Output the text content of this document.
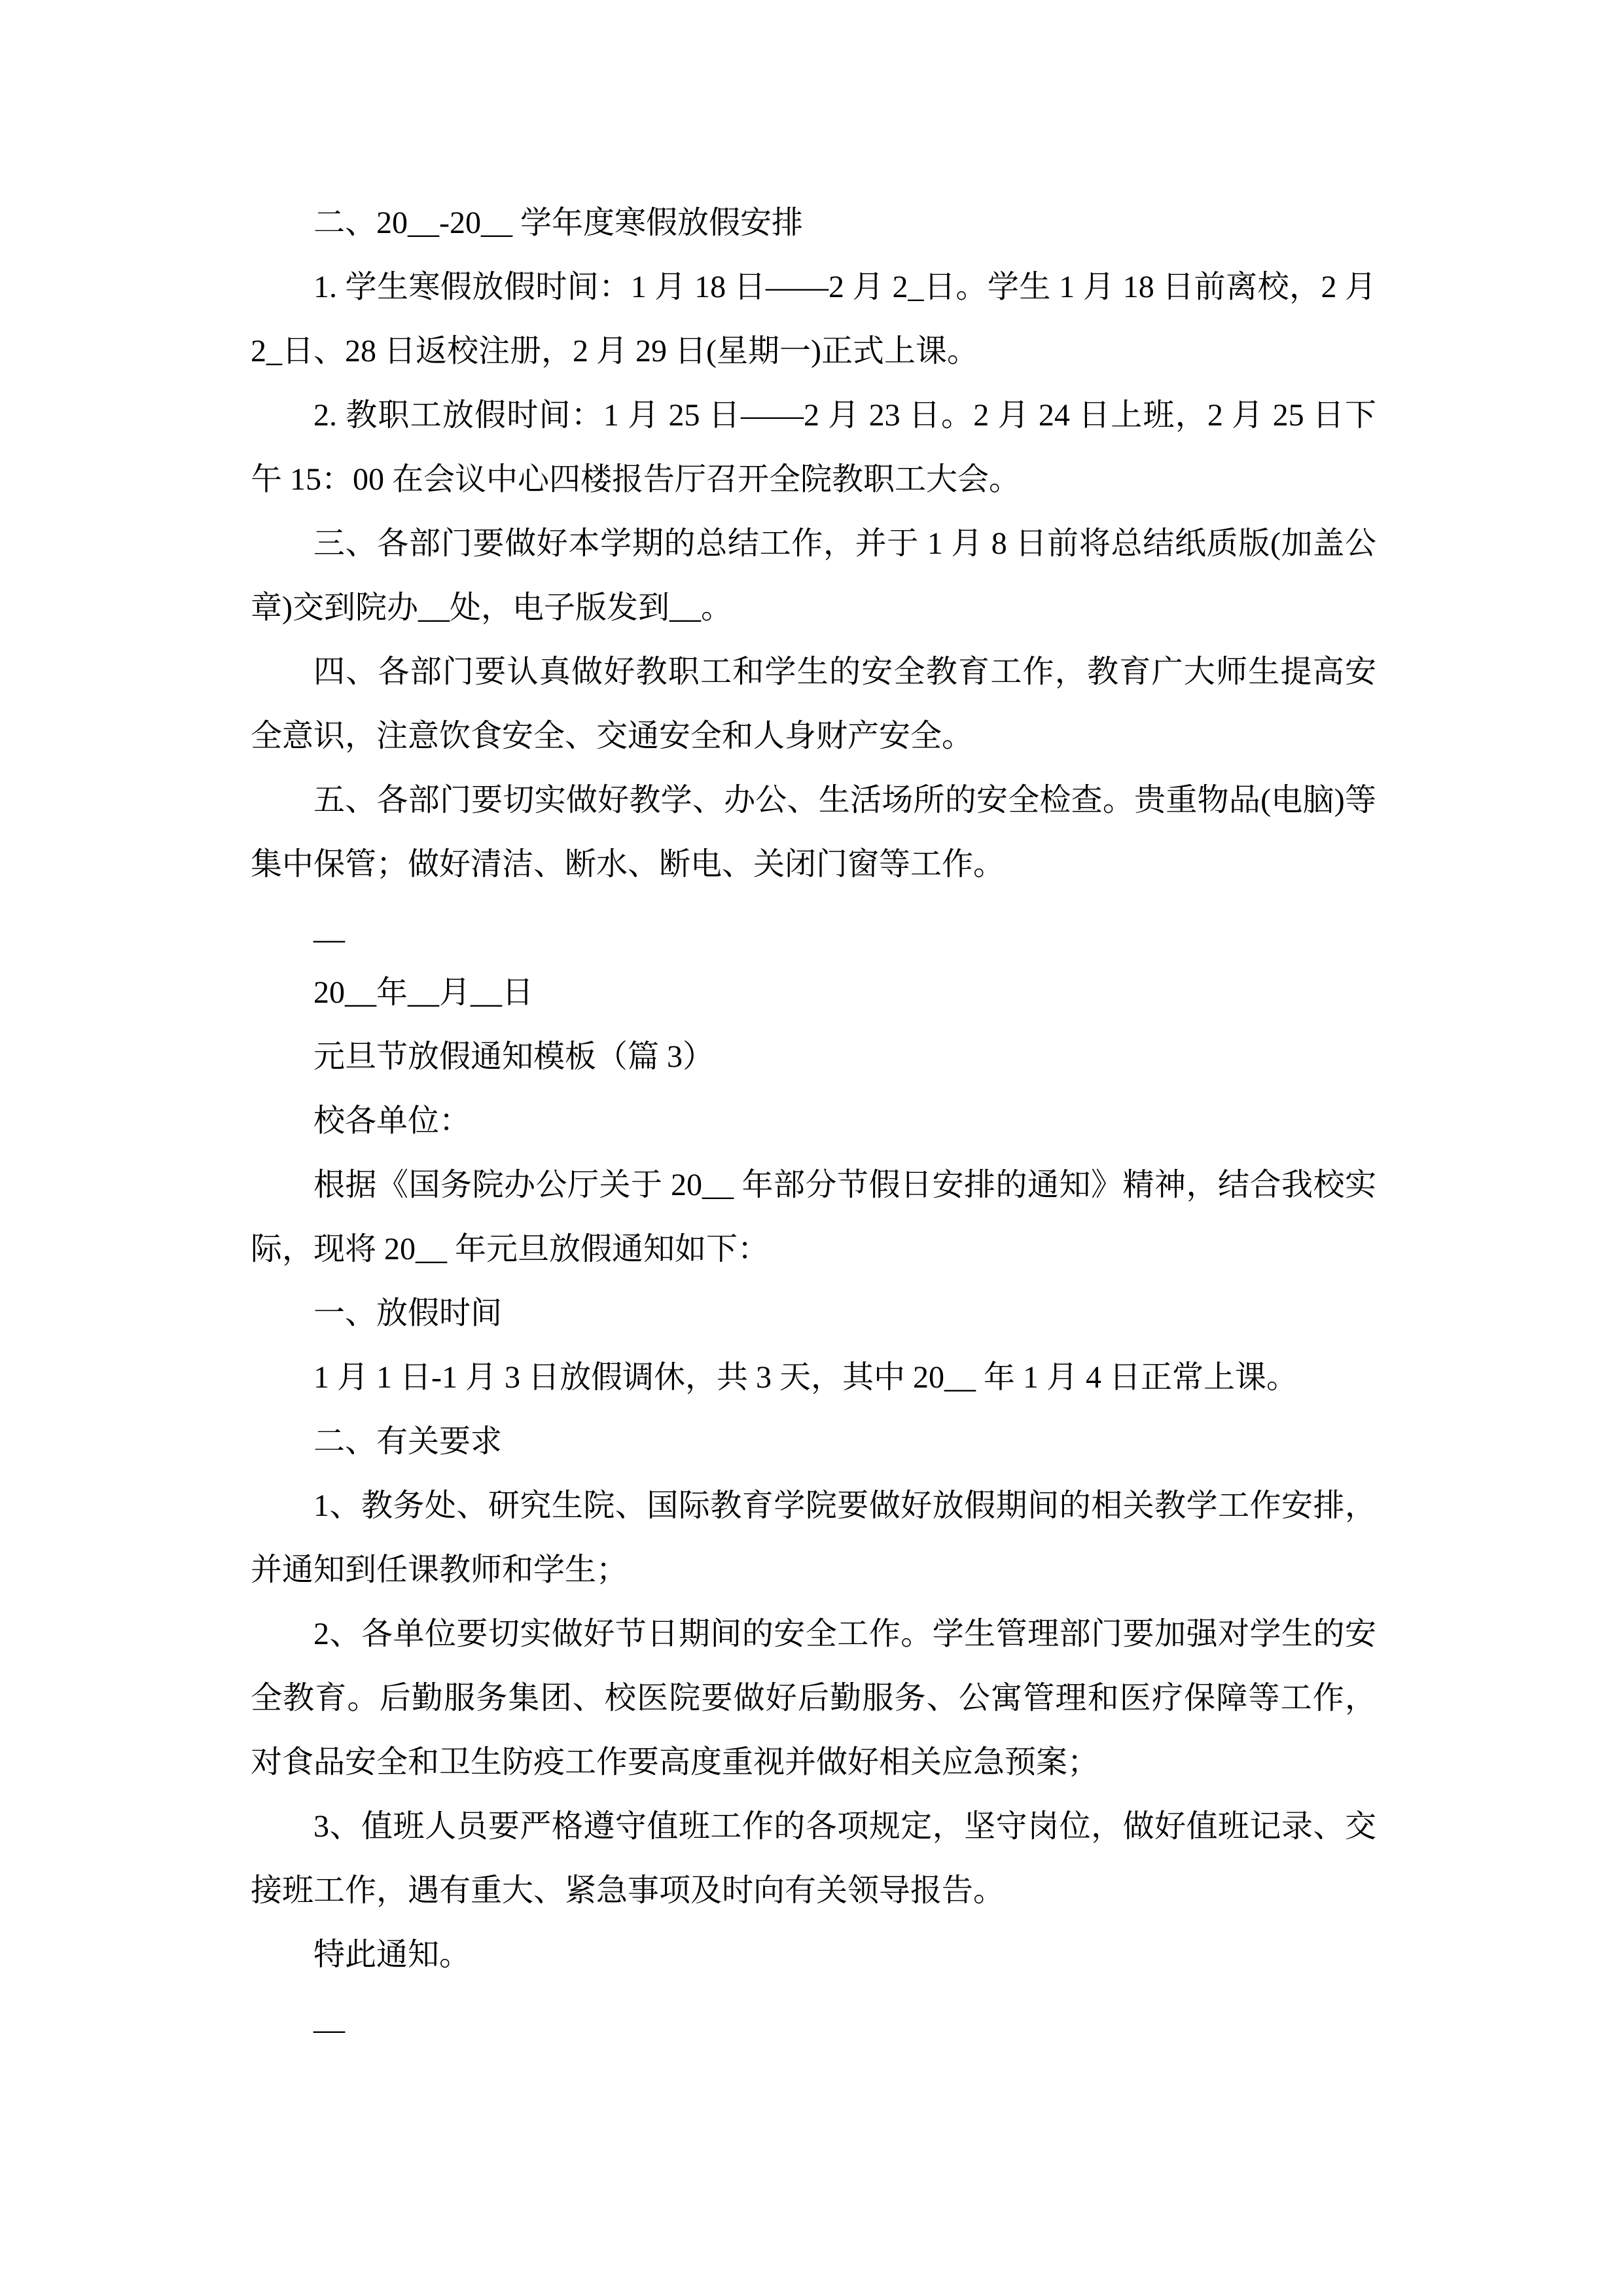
二、20__-20__ 学年度寒假放假安排

1. 学生寒假放假时间：1 月 18 日——2 月 2_日。学生 1 月 18 日前离校，2 月 2_日、28 日返校注册，2 月 29 日(星期一)正式上课。

2. 教职工放假时间：1 月 25 日——2 月 23 日。2 月 24 日上班，2 月 25 日下午 15：00 在会议中心四楼报告厅召开全院教职工大会。

三、各部门要做好本学期的总结工作，并于 1 月 8 日前将总结纸质版(加盖公章)交到院办__处，电子版发到__。

四、各部门要认真做好教职工和学生的安全教育工作，教育广大师生提高安全意识，注意饮食安全、交通安全和人身财产安全。

五、各部门要切实做好教学、办公、生活场所的安全检查。贵重物品(电脑)等集中保管；做好清洁、断水、断电、关闭门窗等工作。

__

20__年__月__日

元旦节放假通知模板（篇 3）

校各单位：

根据《国务院办公厅关于 20__ 年部分节假日安排的通知》精神，结合我校实际，现将 20__ 年元旦放假通知如下：

一、放假时间

1 月 1 日-1 月 3 日放假调休，共 3 天，其中 20__ 年 1 月 4 日正常上课。

二、有关要求

1、教务处、研究生院、国际教育学院要做好放假期间的相关教学工作安排，并通知到任课教师和学生；

2、各单位要切实做好节日期间的安全工作。学生管理部门要加强对学生的安全教育。后勤服务集团、校医院要做好后勤服务、公寓管理和医疗保障等工作，对食品安全和卫生防疫工作要高度重视并做好相关应急预案；

3、值班人员要严格遵守值班工作的各项规定，坚守岗位，做好值班记录、交接班工作，遇有重大、紧急事项及时向有关领导报告。

特此通知。

__
